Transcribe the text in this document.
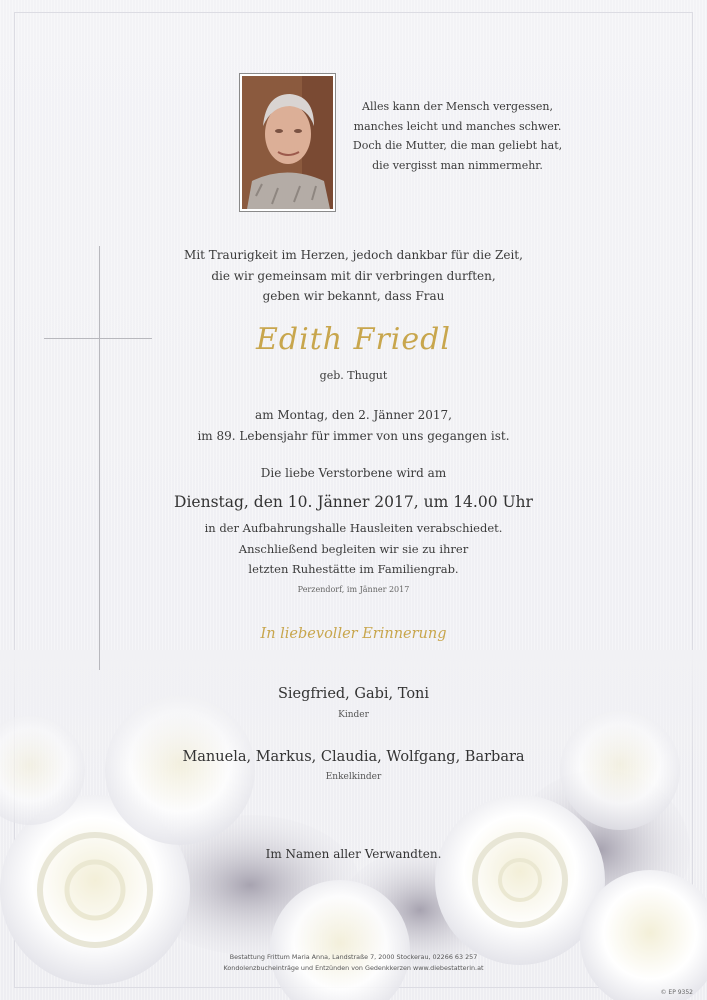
Alles kann der Mensch vergessen,
manches leicht und manches schwer.
Doch die Mutter, die man geliebt hat,
die vergisst man nimmermehr.
Mit Traurigkeit im Herzen, jedoch dankbar für die Zeit,
die wir gemeinsam mit dir verbringen durften,
geben wir bekannt, dass Frau
Edith Friedl
geb. Thugut
am Montag, den 2. Jänner 2017,
im 89. Lebensjahr für immer von uns gegangen ist.
Die liebe Verstorbene wird am
Dienstag, den 10. Jänner 2017, um 14.00 Uhr
in der Aufbahrungshalle Hausleiten verabschiedet.
Anschließend begleiten wir sie zu ihrer
letzten Ruhestätte im Familiengrab.
Perzendorf, im Jänner 2017
In liebevoller Erinnerung
Siegfried, Gabi, Toni
Kinder
Manuela, Markus, Claudia, Wolfgang, Barbara
Enkelkinder
Im Namen aller Verwandten.
Bestattung Frittum Maria Anna, Landstraße 7, 2000 Stockerau, 02266 63 257
Kondolenzbucheinträge und Entzünden von Gedenkkerzen www.diebestatterin.at
© EP 9352
